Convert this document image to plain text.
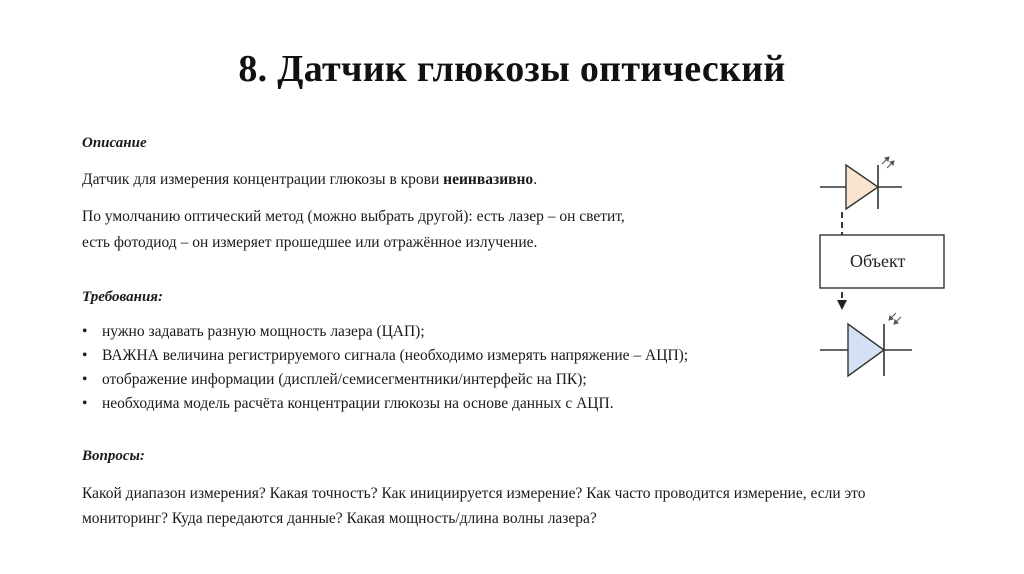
8. Датчик глюкозы оптический
Описание
Датчик для измерения концентрации глюкозы в крови неинвазивно.
По умолчанию оптический метод (можно выбрать другой): есть лазер – он светит,
есть фотодиод – он измеряет прошедшее или отражённое излучение.
Требования:
• нужно задавать разную мощность лазера (ЦАП);
• ВАЖНА величина регистрируемого сигнала (необходимо измерять напряжение – АЦП);
• отображение информации (дисплей/семисегментники/интерфейс на ПК);
• необходима модель расчёта концентрации глюкозы на основе данных с АЦП.
Вопросы:
Какой диапазон измерения? Какая точность? Как инициируется измерение? Как часто проводится измерение, если это
мониторинг? Куда передаются данные? Какая мощность/длина волны лазера?
Объект
